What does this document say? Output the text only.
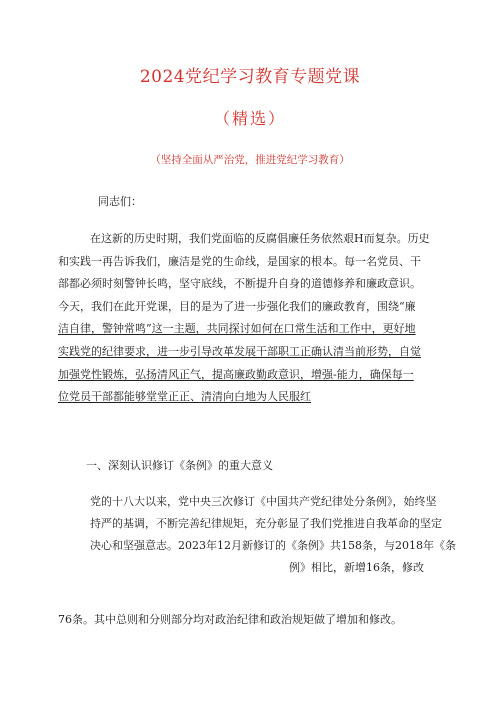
2024党纪学习教育专题党课
（精选）
（坚持全面从严治党，推进党纪学习教育）
同志们：
在这新的历史时期，我们党面临的反腐倡廉任务依然艰H而复杂。历史
和实践一再告诉我们，廉洁是党的生命线，是国家的根本。每一名党员、干
部都必须时刻警钟长鸣，坚守底线，不断提升自身的道德修养和廉政意识。
今天，我们在此开党课，目的是为了进一步强化我们的廉政教育，围绕“廉
洁自律，警钟常鸣”这一主题，共同探讨如何在口常生活和工作中，更好地
实践党的纪律要求，进一步引导改革发展干部职工正确认清当前形势，自觉
加强党性锻炼，弘扬清风正气，提高廉政勤政意识，增强-能力，确保每一
位党员干部都能够堂堂正正、清清向白地为人民服红
一、深刻认识修订《条例》的重大意义
党的十八大以来，党中央三次修订《中国共产党纪律处分条例》，始终坚
持严的基调，不断完善纪律规矩，充分彰显了我们党推进自我革命的坚定
决心和坚强意志。2023年12月新修订的《条例》共158条，与2018年《条
例》相比，新增16条，修改
76条。其中总则和分则部分均对政治纪律和政治规矩做了增加和修改。
